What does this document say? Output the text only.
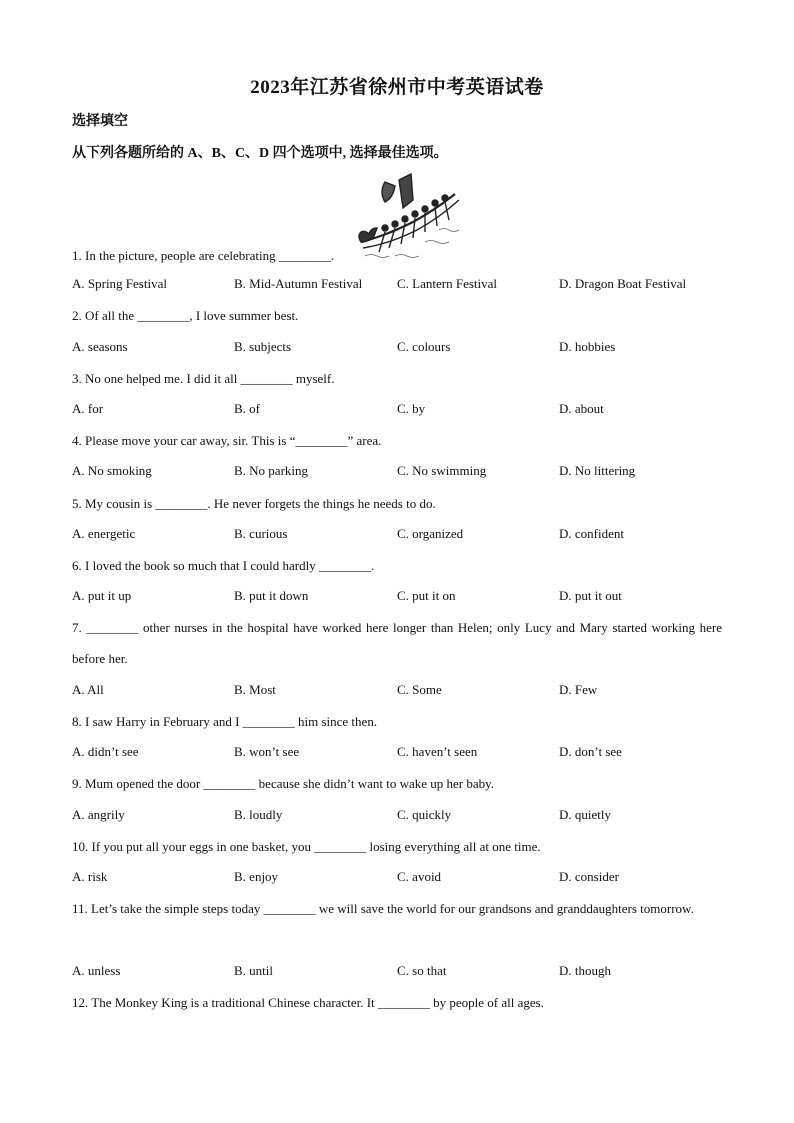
2023年江苏省徐州市中考英语试卷
选择填空
从下列各题所给的 A、B、C、D 四个选项中, 选择最佳选项。
1. In the picture, people are celebrating ________.
A. Spring Festival	B. Mid-Autumn Festival	C. Lantern Festival	D. Dragon Boat Festival
2. Of all the ________, I love summer best.
A. seasons	B. subjects	C. colours	D. hobbies
3. No one helped me. I did it all ________ myself.
A. for	B. of	C. by	D. about
4. Please move your car away, sir. This is “________” area.
A. No smoking	B. No parking	C. No swimming	D. No littering
5. My cousin is ________. He never forgets the things he needs to do.
A. energetic	B. curious	C. organized	D. confident
6. I loved the book so much that I could hardly ________.
A. put it up	B. put it down	C. put it on	D. put it out
7. ________ other nurses in the hospital have worked here longer than Helen; only Lucy and Mary started working here before her.
A. All	B. Most	C. Some	D. Few
8. I saw Harry in February and I ________ him since then.
A. didn’t see	B. won’t see	C. haven’t seen	D. don’t see
9. Mum opened the door ________ because she didn’t want to wake up her baby.
A. angrily	B. loudly	C. quickly	D. quietly
10. If you put all your eggs in one basket, you ________ losing everything all at one time.
A. risk	B. enjoy	C. avoid	D. consider
11. Let’s take the simple steps today ________ we will save the world for our grandsons and granddaughters tomorrow.
A. unless	B. until	C. so that	D. though
12. The Monkey King is a traditional Chinese character. It ________ by people of all ages.
